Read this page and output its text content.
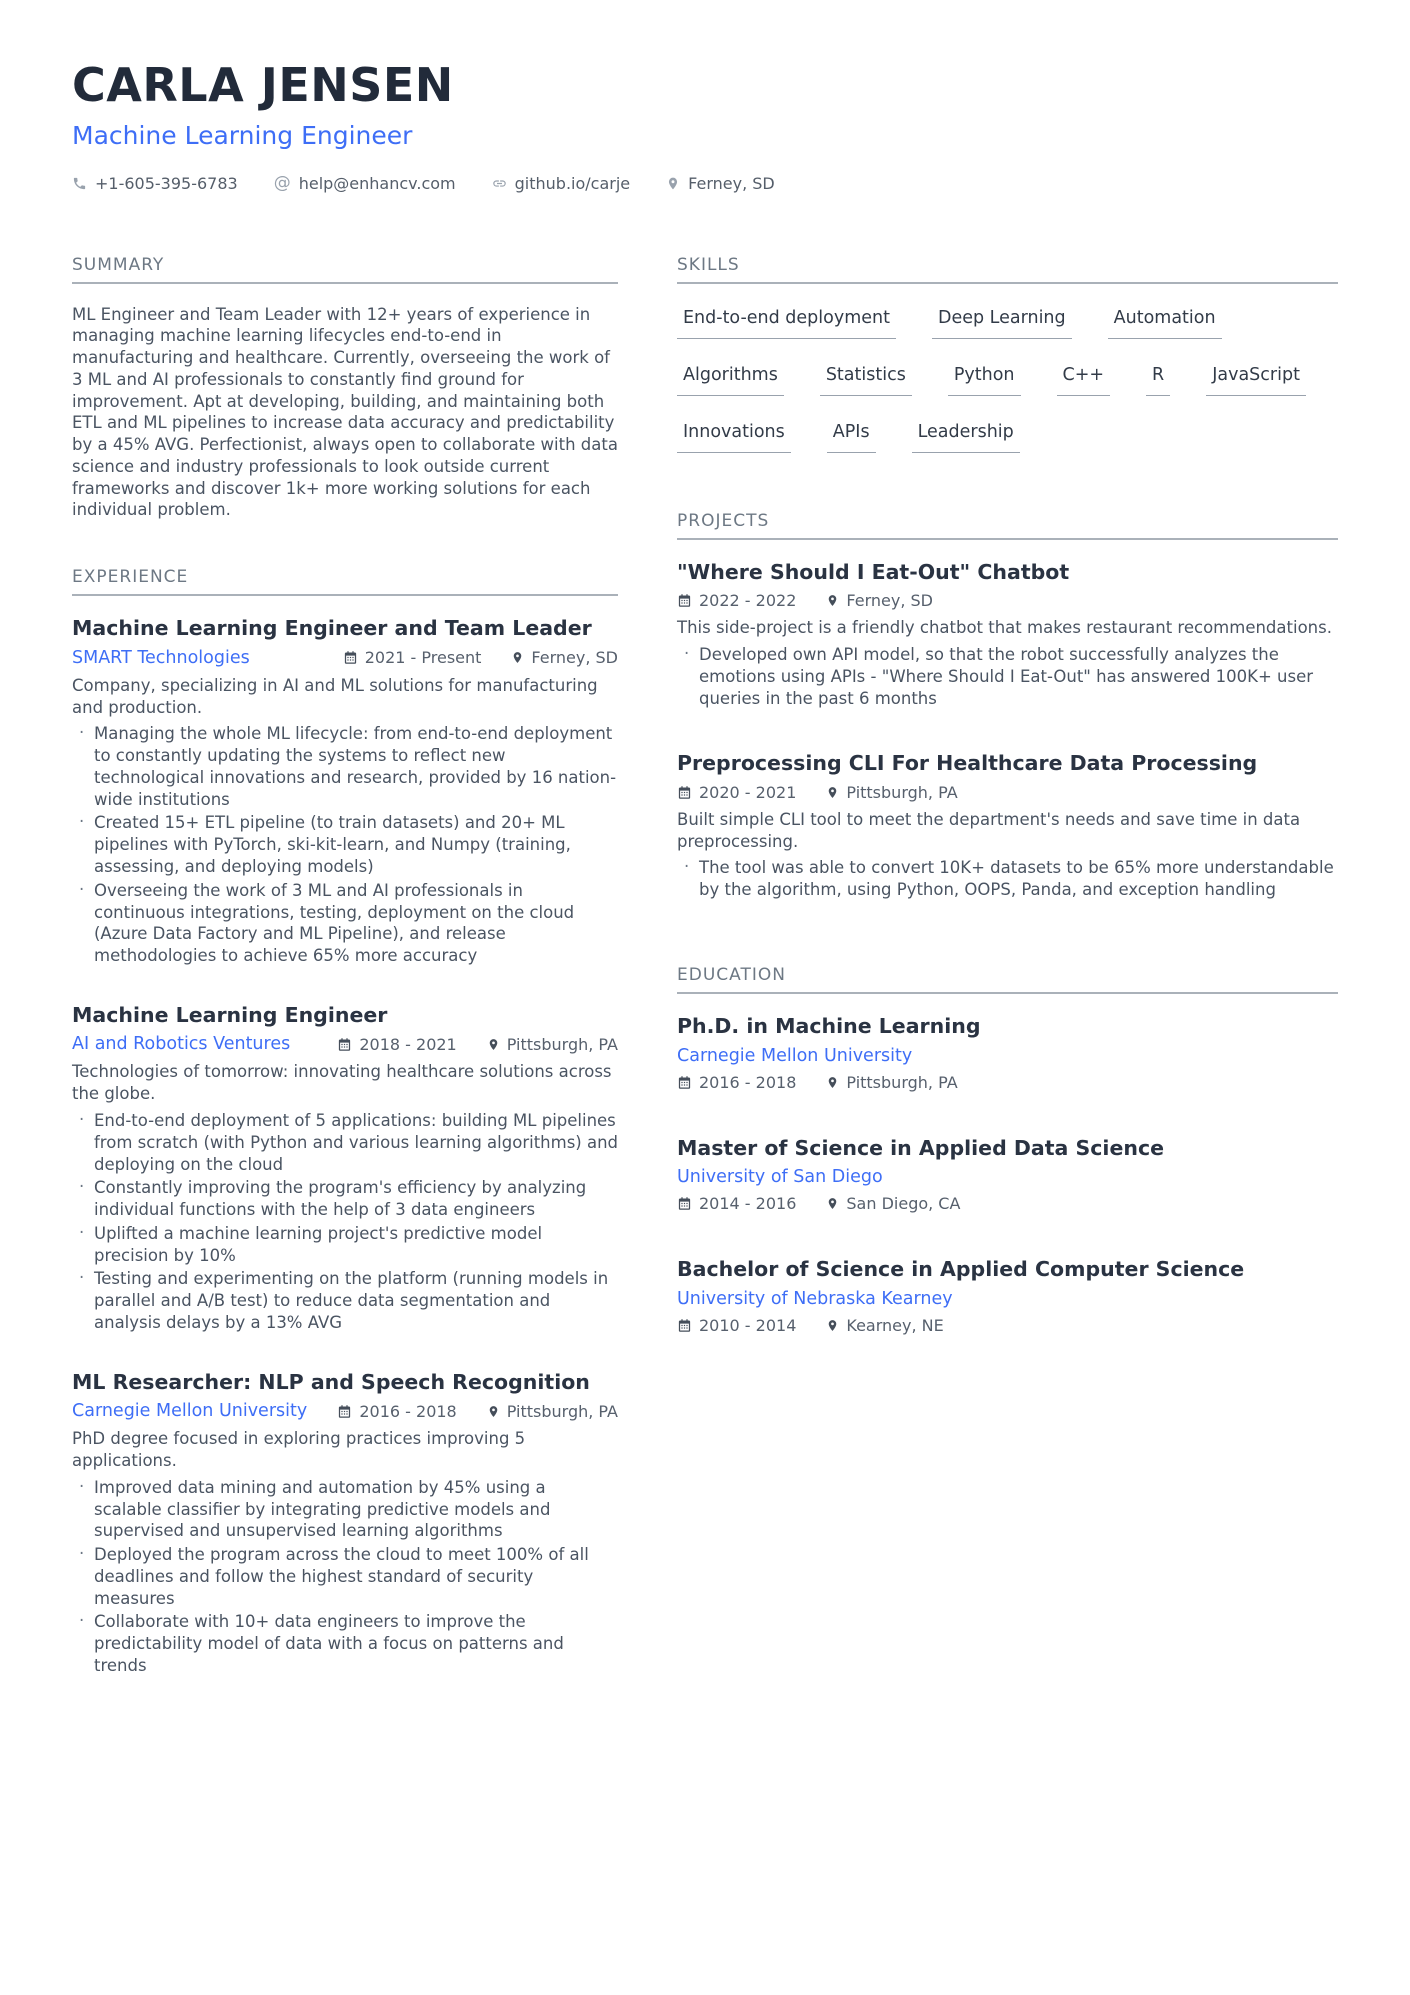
CARLA JENSEN
Machine Learning Engineer
+1-605-395-6783 @ help@enhancv.com	github.io/carje	Ferney, SD
SUMMARY
ML Engineer and Team Leader with 12+ years of experience in managing machine learning lifecycles end-to-end in manufacturing and healthcare. Currently, overseeing the work of 3 ML and AI professionals to constantly find ground for improvement. Apt at developing, building, and maintaining both ETL and ML pipelines to increase data accuracy and predictability by a 45% AVG. Perfectionist, always open to collaborate with data science and industry professionals to look outside current frameworks and discover 1k+ more working solutions for each individual problem.
EXPERIENCE
Machine Learning Engineer and Team Leader
SMART Technologies	2021 - Present	Ferney, SD
Company, specializing in AI and ML solutions for manufacturing and production.
· Managing the whole ML lifecycle: from end-to-end deployment to constantly updating the systems to reflect new technological innovations and research, provided by 16 nation-wide institutions
· Created 15+ ETL pipeline (to train datasets) and 20+ ML pipelines with PyTorch, ski-kit-learn, and Numpy (training, assessing, and deploying models)
· Overseeing the work of 3 ML and AI professionals in continuous integrations, testing, deployment on the cloud (Azure Data Factory and ML Pipeline), and release methodologies to achieve 65% more accuracy
Machine Learning Engineer
AI and Robotics Ventures	2018 - 2021	Pittsburgh, PA
Technologies of tomorrow: innovating healthcare solutions across the globe.
· End-to-end deployment of 5 applications: building ML pipelines from scratch (with Python and various learning algorithms) and deploying on the cloud
· Constantly improving the program's efficiency by analyzing individual functions with the help of 3 data engineers
· Uplifted a machine learning project's predictive model precision by 10%
· Testing and experimenting on the platform (running models in parallel and A/B test) to reduce data segmentation and analysis delays by a 13% AVG
ML Researcher: NLP and Speech Recognition
Carnegie Mellon University	2016 - 2018	Pittsburgh, PA
PhD degree focused in exploring practices improving 5 applications.
· Improved data mining and automation by 45% using a scalable classifier by integrating predictive models and supervised and unsupervised learning algorithms
· Deployed the program across the cloud to meet 100% of all deadlines and follow the highest standard of security measures
· Collaborate with 10+ data engineers to improve the predictability model of data with a focus on patterns and trends
SKILLS
End-to-end deployment	Deep Learning	Automation
Algorithms	Statistics	Python	C++	R	JavaScript
Innovations	APIs	Leadership
PROJECTS
"Where Should I Eat-Out" Chatbot
2022 - 2022	Ferney, SD
This side-project is a friendly chatbot that makes restaurant recommendations.
· Developed own API model, so that the robot successfully analyzes the emotions using APIs - "Where Should I Eat-Out" has answered 100K+ user queries in the past 6 months
Preprocessing CLI For Healthcare Data Processing
2020 - 2021	Pittsburgh, PA
Built simple CLI tool to meet the department's needs and save time in data preprocessing.
· The tool was able to convert 10K+ datasets to be 65% more understandable by the algorithm, using Python, OOPS, Panda, and exception handling
EDUCATION
Ph.D. in Machine Learning
Carnegie Mellon University
2016 - 2018	Pittsburgh, PA
Master of Science in Applied Data Science
University of San Diego
2014 - 2016	San Diego, CA
Bachelor of Science in Applied Computer Science
University of Nebraska Kearney
2010 - 2014	Kearney, NE
